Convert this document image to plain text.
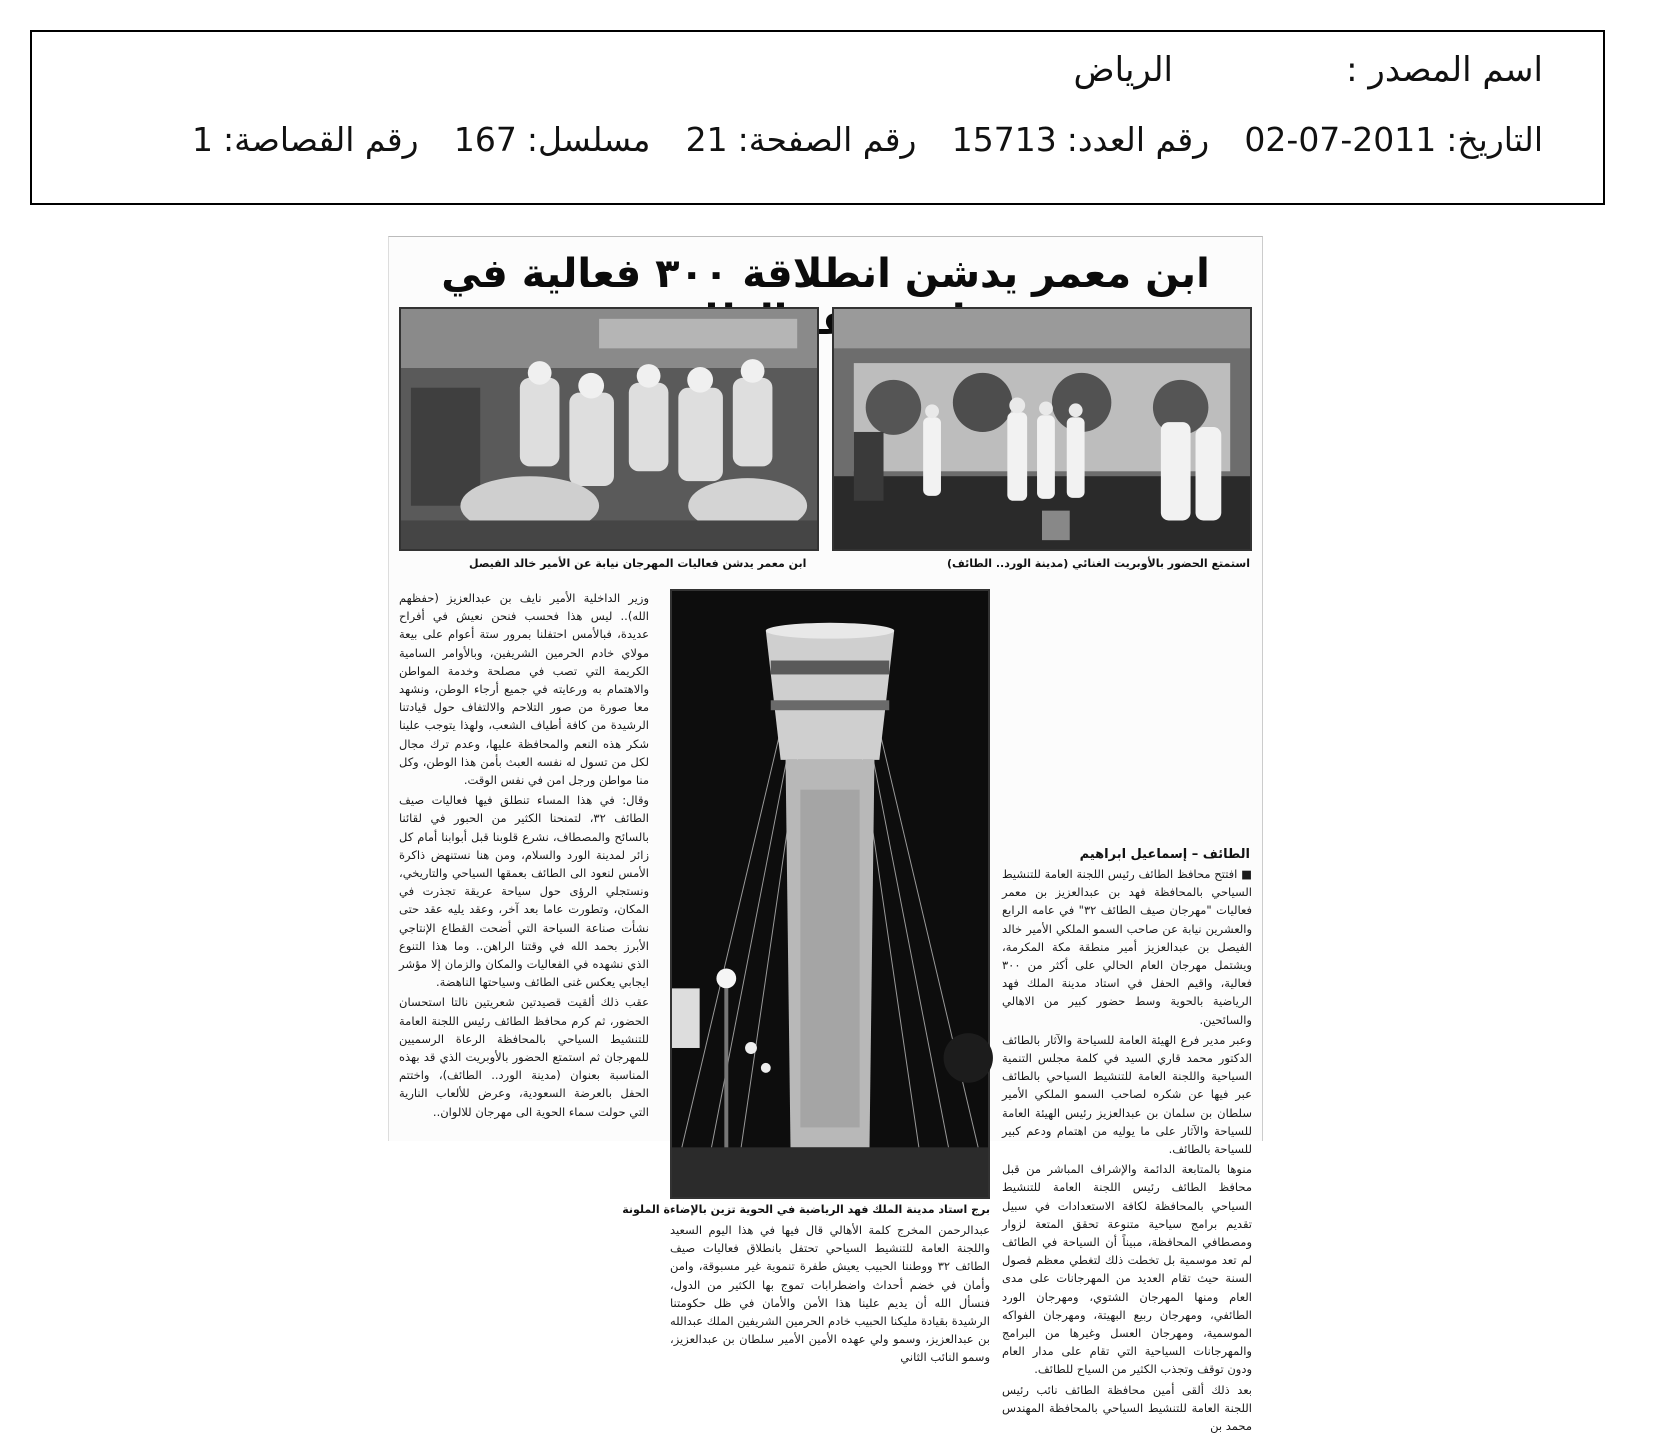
اسم المصدر :
الرياض
التاريخ:2011-07-02
رقم العدد:15713
رقم الصفحة:21
مسلسل:167
رقم القصاصة:1
ابن معمر يدشن انطلاقة ٣٠٠ فعالية في
استمتع الحضور بالأوبريت الغنائي (مدينة الورد.. الطائف)
ابن معمر يدشن فعاليات المهرجان نيابة عن الأمير خالد الفيصل
الطائف – إسماعيل ابراهيم

■ افتتح محافظ الطائف رئيس اللجنة العامة للتنشيط السياحي بالمحافظة فهد بن عبدالعزيز بن معمر فعاليات "مهرجان صيف الطائف ٣٢" في عامه الرابع والعشرين نيابة عن صاحب السمو الملكي الأمير خالد الفيصل بن عبدالعزيز أمير منطقة مكة المكرمة، ويشتمل مهرجان العام الحالي على أكثر من ٣٠٠ فعالية، واقيم الحفل في استاد مدينة الملك فهد الرياضية بالحوية وسط حضور كبير من الاهالي والسائحين.

وعبر مدير فرع الهيئة العامة للسياحة والآثار بالطائف الدكتور محمد قاري السيد في كلمة مجلس التنمية السياحية واللجنة العامة للتنشيط السياحي بالطائف عبر فيها عن شكره لصاحب السمو الملكي الأمير سلطان بن سلمان بن عبدالعزيز رئيس الهيئة العامة للسياحة والآثار على ما يوليه من اهتمام ودعم كبير للسياحة بالطائف.

منوها بالمتابعة الدائمة والإشراف المباشر من قبل محافظ الطائف رئيس اللجنة العامة للتنشيط السياحي بالمحافظة لكافة الاستعدادات في سبيل تقديم برامج سياحية متنوعة تحقق المتعة لزوار ومصطافي المحافظة، مبيناً أن السياحة في الطائف لم تعد موسمية بل تخطت ذلك لتغطي معظم فصول السنة حيث تقام العديد من المهرجانات على مدى العام ومنها المهرجان الشتوي، ومهرجان الورد الطائفي، ومهرجان ربيع البهيتة، ومهرجان الفواكه الموسمية، ومهرجان العسل وغيرها من البرامج والمهرجانات السياحية التي تقام على مدار العام ودون توقف وتجذب الكثير من السياح للطائف.

بعد ذلك ألقى أمين محافظة الطائف نائب رئيس اللجنة العامة للتنشيط السياحي بالمحافظة المهندس محمد بن

برج استاد مدينة الملك فهد الرياضية في الحوية تزين بالإضاءة الملونة

عبدالرحمن المخرج كلمة الأهالي قال فيها في هذا اليوم السعيد واللجنة العامة للتنشيط السياحي تحتفل بانطلاق فعاليات صيف الطائف ٣٢ ووطننا الحبيب يعيش طفرة تنموية غير مسبوقة، وامن وأمان في خضم أحداث واضطرابات تموج بها الكثير من الدول، فنسأل الله أن يديم علينا هذا الأمن والأمان في ظل حكومتنا الرشيدة بقيادة مليكنا الحبيب خادم الحرمين الشريفين الملك عبدالله بن عبدالعزيز، وسمو ولي عهده الأمين الأمير سلطان بن عبدالعزيز، وسمو النائب الثاني

وزير الداخلية الأمير نايف بن عبدالعزيز (حفظهم الله).. ليس هذا فحسب فنحن نعيش في أفراح عديدة، فبالأمس احتفلنا بمرور ستة أعوام على بيعة مولاي خادم الحرمين الشريفين، وبالأوامر السامية الكريمة التي تصب في مصلحة وخدمة المواطن والاهتمام به ورعايته في جميع أرجاء الوطن، ونشهد معا صورة من صور التلاحم والالتفاف حول قيادتنا الرشيدة من كافة أطياف الشعب، ولهذا يتوجب علينا شكر هذه النعم والمحافظة عليها، وعدم ترك مجال لكل من تسول له نفسه العبث بأمن هذا الوطن، وكل منا مواطن ورجل امن في نفس الوقت.

وقال: في هذا المساء تنطلق فيها فعاليات صيف الطائف ٣٢، لتمنحنا الكثير من الحبور في لقائنا بالسائح والمصطاف، نشرع قلوبنا قبل أبوابنا أمام كل زائر لمدينة الورد والسلام، ومن هنا نستنهض ذاكرة الأمس لنعود الى الطائف بعمقها السياحي والتاريخي، ونستجلي الرؤى حول سياحة عريقة تجذرت في المكان، وتطورت عاما بعد آخر، وعقد يليه عقد حتى نشأت صناعة السياحة التي أضحت القطاع الإنتاجي الأبرز بحمد الله في وقتنا الراهن.. وما هذا التنوع الذي نشهده في الفعاليات والمكان والزمان إلا مؤشر ايجابي يعكس غنى الطائف وسياحتها الناهضة.

عقب ذلك ألقيت قصيدتين شعريتين نالتا استحسان الحضور، ثم كرم محافظ الطائف رئيس اللجنة العامة للتنشيط السياحي بالمحافظة الرعاة الرسميين للمهرجان ثم استمتع الحضور بالأوبريت الذي قد بهذه المناسبة بعنوان (مدينة الورد.. الطائف)، واختتم الحفل بالعرضة السعودية، وعرض للألعاب النارية التي حولت سماء الحوية الى مهرجان للالوان..
